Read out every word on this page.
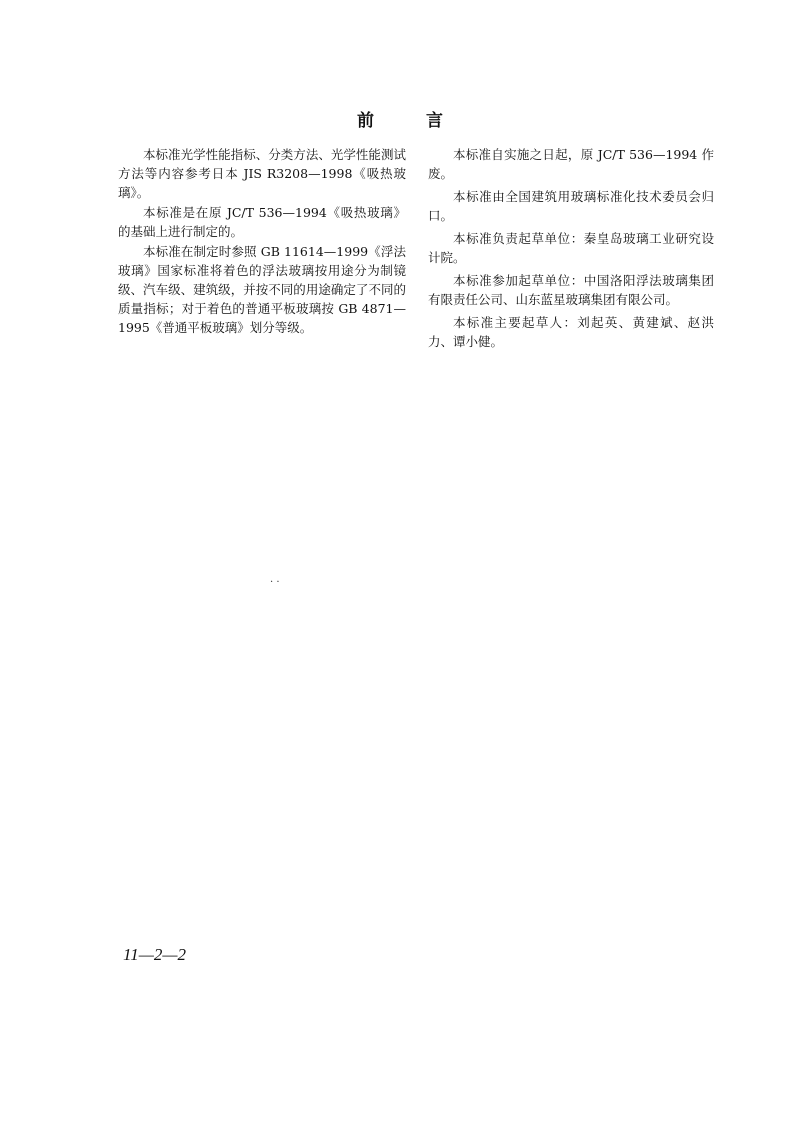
前言

本标准光学性能指标、分类方法、光学性能测试方法等内容参考日本 JIS R3208—1998《吸热玻璃》。

本标准是在原 JC/T 536—1994《吸热玻璃》的基础上进行制定的。

本标准在制定时参照 GB 11614—1999《浮法玻璃》国家标准将着色的浮法玻璃按用途分为制镜级、汽车级、建筑级，并按不同的用途确定了不同的质量指标；对于着色的普通平板玻璃按 GB 4871—1995《普通平板玻璃》划分等级。

本标准自实施之日起，原 JC/T 536—1994 作废。

本标准由全国建筑用玻璃标准化技术委员会归口。

本标准负责起草单位：秦皇岛玻璃工业研究设计院。

本标准参加起草单位：中国洛阳浮法玻璃集团有限责任公司、山东蓝星玻璃集团有限公司。

本标准主要起草人：刘起英、黄建斌、赵洪力、谭小健。

. .
11—2—2
